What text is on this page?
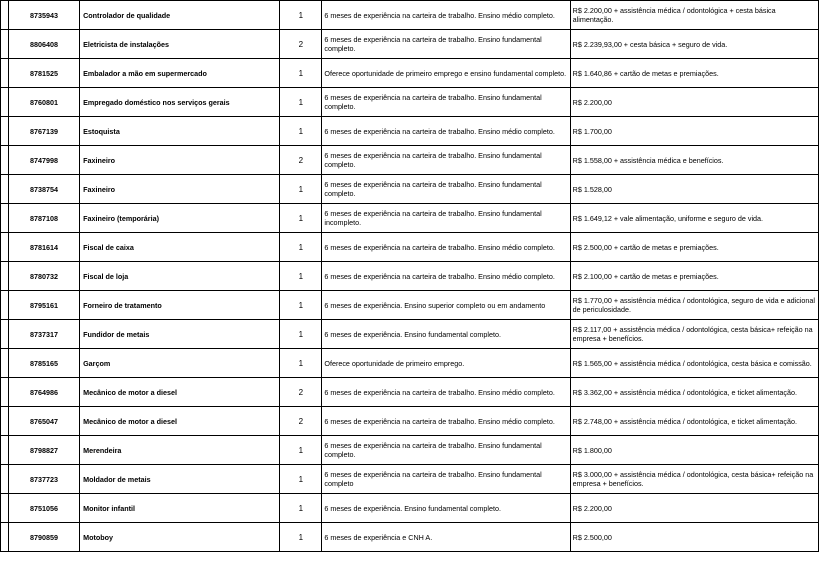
	8735943	Controlador de qualidade	1	6 meses de experiência na carteira de trabalho. Ensino médio completo.	R$ 2.200,00 + assistência médica / odontológica + cesta básica alimentação.
	8806408	Eletricista de instalações	2	6 meses de experiência na carteira de trabalho. Ensino fundamental completo.	R$ 2.239,93,00 + cesta básica + seguro de vida.
	8781525	Embalador a mão em supermercado	1	Oferece oportunidade de primeiro emprego e ensino fundamental completo.	R$ 1.640,86 + cartão de metas e premiações.
	8760801	Empregado doméstico nos serviços gerais	1	6 meses de experiência na carteira de trabalho. Ensino fundamental completo.	R$ 2.200,00
	8767139	Estoquista	1	6 meses de experiência na carteira de trabalho. Ensino médio completo.	R$ 1.700,00
	8747998	Faxineiro	2	6 meses de experiência na carteira de trabalho. Ensino fundamental completo.	R$ 1.558,00 + assistência médica e benefícios.
	8738754	Faxineiro	1	6 meses de experiência na carteira de trabalho. Ensino fundamental completo.	R$ 1.528,00
	8787108	Faxineiro (temporária)	1	6 meses de experiência na carteira de trabalho. Ensino fundamental incompleto.	R$ 1.649,12 + vale alimentação, uniforme e seguro de vida.
	8781614	Fiscal de caixa	1	6 meses de experiência na carteira de trabalho. Ensino médio completo.	R$ 2.500,00 + cartão de metas e premiações.
	8780732	Fiscal de loja	1	6 meses de experiência na carteira de trabalho. Ensino médio completo.	R$ 2.100,00 + cartão de metas e premiações.
	8795161	Forneiro de tratamento	1	6 meses de experiência. Ensino superior completo ou em andamento	R$ 1.770,00 + assistência médica / odontológica, seguro de vida e adicional de periculosidade.
	8737317	Fundidor de metais	1	6 meses de experiência. Ensino fundamental completo.	R$ 2.117,00 + assistência médica / odontológica, cesta básica+ refeição na empresa + benefícios.
	8785165	Garçom	1	Oferece oportunidade de primeiro emprego.	R$ 1.565,00 + assistência médica / odontológica, cesta básica e comissão.
	8764986	Mecânico de motor a diesel	2	6 meses de experiência na carteira de trabalho. Ensino médio completo.	R$ 3.362,00 + assistência médica / odontológica, e ticket alimentação.
	8765047	Mecânico de motor a diesel	2	6 meses de experiência na carteira de trabalho. Ensino médio completo.	R$ 2.748,00 + assistência médica / odontológica, e ticket alimentação.
	8798827	Merendeira	1	6 meses de experiência na carteira de trabalho. Ensino fundamental completo.	R$ 1.800,00
	8737723	Moldador de metais	1	6 meses de experiência na carteira de trabalho. Ensino fundamental completo	R$ 3.000,00 + assistência médica / odontológica, cesta básica+ refeição na empresa + benefícios.
	8751056	Monitor infantil	1	6 meses de experiência. Ensino fundamental completo.	R$ 2.200,00
	8790859	Motoboy	1	6 meses de experiência e CNH A.	R$ 2.500,00
